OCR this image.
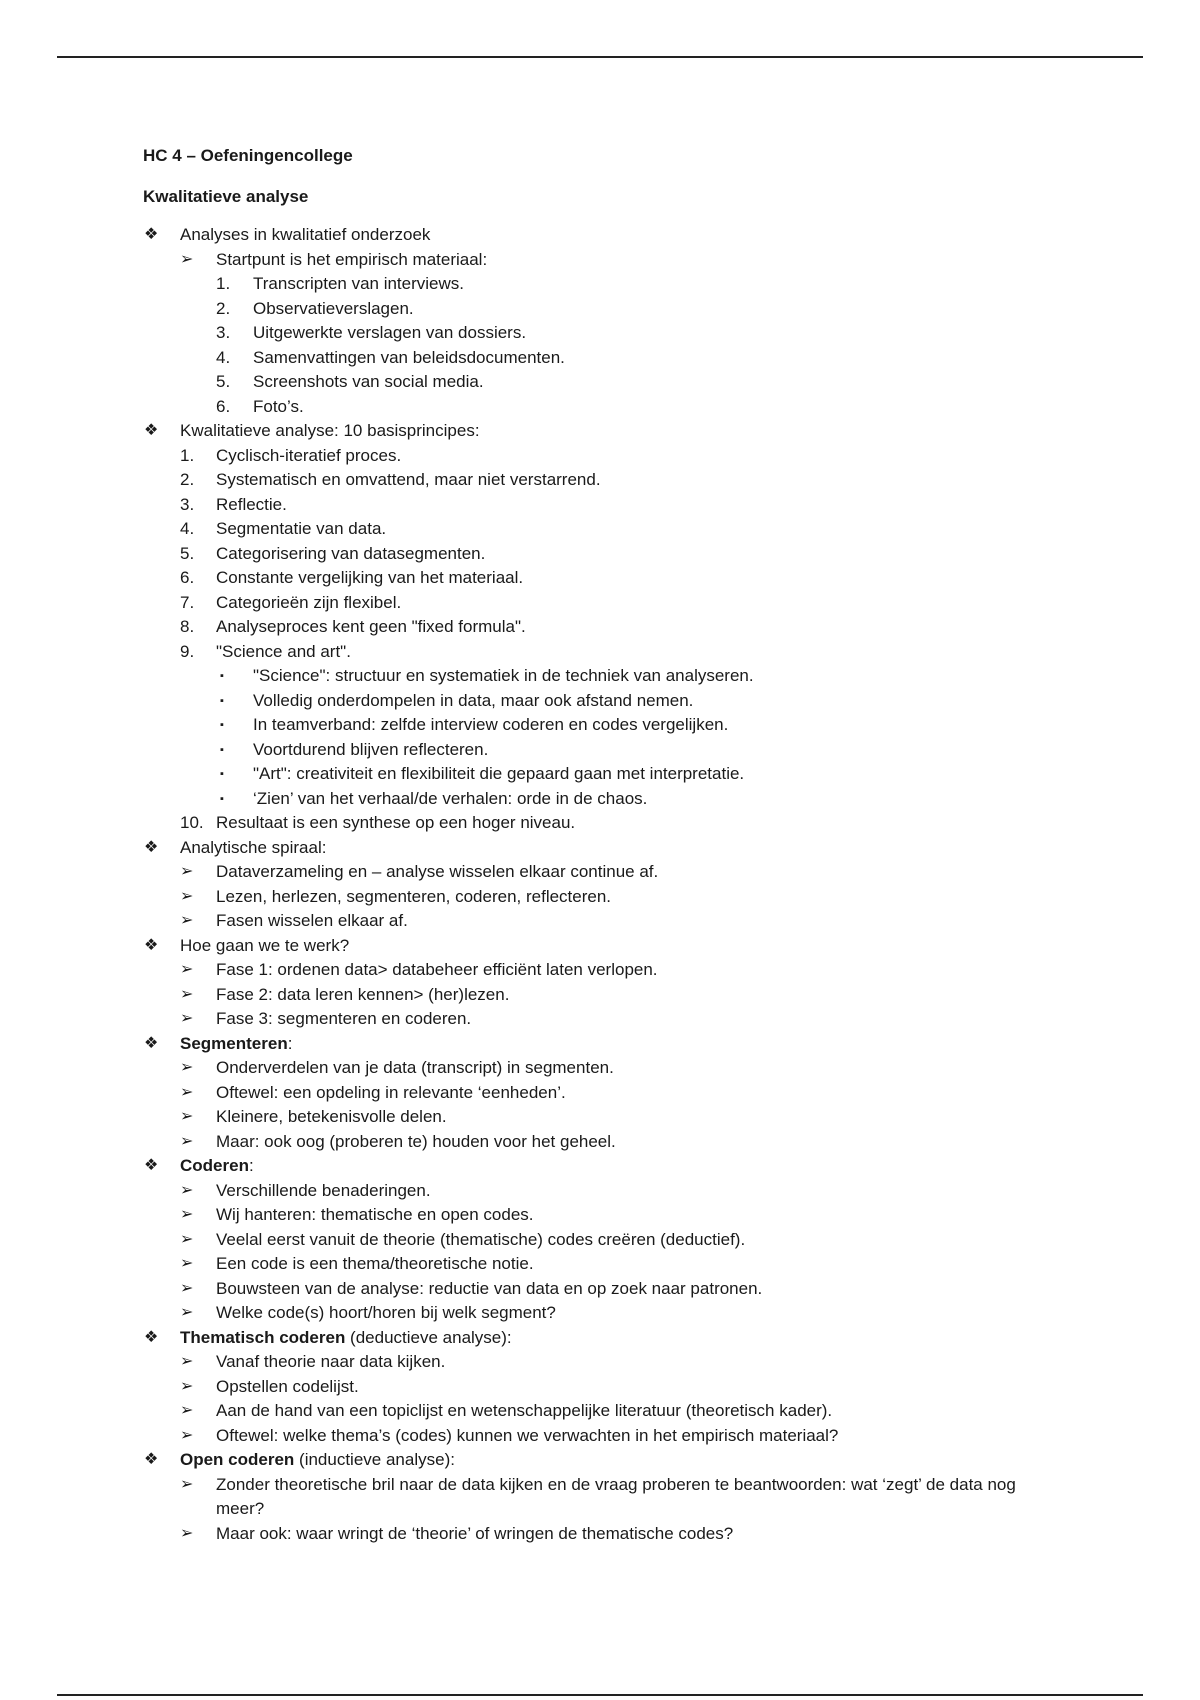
HC 4 – Oefeningencollege

Kwalitatieve analyse

❖ Analyses in kwalitatief onderzoek
➢ Startpunt is het empirisch materiaal:
1. Transcripten van interviews.
2. Observatieverslagen.
3. Uitgewerkte verslagen van dossiers.
4. Samenvattingen van beleidsdocumenten.
5. Screenshots van social media.
6. Foto’s.
❖ Kwalitatieve analyse: 10 basisprincipes:
1. Cyclisch-iteratief proces.
2. Systematisch en omvattend, maar niet verstarrend.
3. Reflectie.
4. Segmentatie van data.
5. Categorisering van datasegmenten.
6. Constante vergelijking van het materiaal.
7. Categorieën zijn flexibel.
8. Analyseproces kent geen "fixed formula".
9. "Science and art".
▪ "Science": structuur en systematiek in de techniek van analyseren.
▪ Volledig onderdompelen in data, maar ook afstand nemen.
▪ In teamverband: zelfde interview coderen en codes vergelijken.
▪ Voortdurend blijven reflecteren.
▪ "Art": creativiteit en flexibiliteit die gepaard gaan met interpretatie.
▪ ‘Zien’ van het verhaal/de verhalen: orde in de chaos.
10. Resultaat is een synthese op een hoger niveau.
❖ Analytische spiraal:
➢ Dataverzameling en – analyse wisselen elkaar continue af.
➢ Lezen, herlezen, segmenteren, coderen, reflecteren.
➢ Fasen wisselen elkaar af.
❖ Hoe gaan we te werk?
➢ Fase 1: ordenen data> databeheer efficiënt laten verlopen.
➢ Fase 2: data leren kennen> (her)lezen.
➢ Fase 3: segmenteren en coderen.
❖ Segmenteren:
➢ Onderverdelen van je data (transcript) in segmenten.
➢ Oftewel: een opdeling in relevante ‘eenheden’.
➢ Kleinere, betekenisvolle delen.
➢ Maar: ook oog (proberen te) houden voor het geheel.
❖ Coderen:
➢ Verschillende benaderingen.
➢ Wij hanteren: thematische en open codes.
➢ Veelal eerst vanuit de theorie (thematische) codes creëren (deductief).
➢ Een code is een thema/theoretische notie.
➢ Bouwsteen van de analyse: reductie van data en op zoek naar patronen.
➢ Welke code(s) hoort/horen bij welk segment?
❖ Thematisch coderen (deductieve analyse):
➢ Vanaf theorie naar data kijken.
➢ Opstellen codelijst.
➢ Aan de hand van een topiclijst en wetenschappelijke literatuur (theoretisch kader).
➢ Oftewel: welke thema’s (codes) kunnen we verwachten in het empirisch materiaal?
❖ Open coderen (inductieve analyse):
➢ Zonder theoretische bril naar de data kijken en de vraag proberen te beantwoorden: wat ‘zegt’ de data nog meer?
➢ Maar ook: waar wringt de ‘theorie’ of wringen de thematische codes?
